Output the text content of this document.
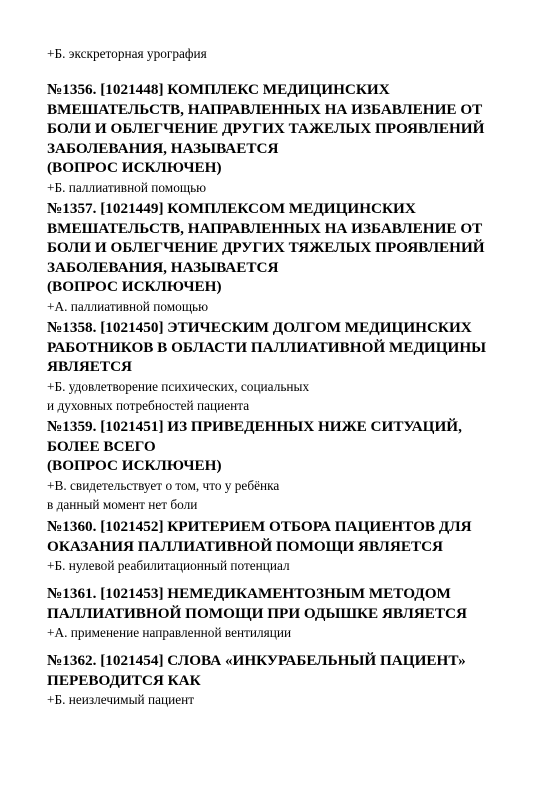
+Б. экскреторная урография

№1356. [1021448] КОМПЛЕКС МЕДИЦИНСКИХ
ВМЕШАТЕЛЬСТВ, НАПРАВЛЕННЫХ НА ИЗБАВЛЕНИЕ ОТ
БОЛИ И ОБЛЕГЧЕНИЕ ДРУГИХ ТАЖЕЛЫХ ПРОЯВЛЕНИЙ
ЗАБОЛЕВАНИЯ, НАЗЫВАЕТСЯ
(ВОПРОС ИСКЛЮЧЕН)
+Б. паллиативной помощью
№1357. [1021449] КОМПЛЕКСОМ МЕДИЦИНСКИХ
ВМЕШАТЕЛЬСТВ, НАПРАВЛЕННЫХ НА ИЗБАВЛЕНИЕ ОТ
БОЛИ И ОБЛЕГЧЕНИЕ ДРУГИХ ТЯЖЕЛЫХ ПРОЯВЛЕНИЙ
ЗАБОЛЕВАНИЯ, НАЗЫВАЕТСЯ
(ВОПРОС ИСКЛЮЧЕН)
+А. паллиативной помощью
№1358. [1021450] ЭТИЧЕСКИМ ДОЛГОМ МЕДИЦИНСКИХ
РАБОТНИКОВ В ОБЛАСТИ ПАЛЛИАТИВНОЙ МЕДИЦИНЫ
ЯВЛЯЕТСЯ
+Б. удовлетворение психических, социальных
и духовных потребностей пациента
№1359. [1021451] ИЗ ПРИВЕДЕННЫХ НИЖЕ СИТУАЦИЙ,
БОЛЕЕ ВСЕГО
(ВОПРОС ИСКЛЮЧЕН)
+В. свидетельствует о том, что у ребёнка
в данный момент нет боли
№1360. [1021452] КРИТЕРИЕМ ОТБОРА ПАЦИЕНТОВ ДЛЯ
ОКАЗАНИЯ ПАЛЛИАТИВНОЙ ПОМОЩИ ЯВЛЯЕТСЯ
+Б. нулевой реабилитационный потенциал
№1361. [1021453] НЕМЕДИКАМЕНТОЗНЫМ МЕТОДОМ
ПАЛЛИАТИВНОЙ ПОМОЩИ ПРИ ОДЫШКЕ ЯВЛЯЕТСЯ
+А. применение направленной вентиляции
№1362. [1021454] СЛОВА «ИНКУРАБЕЛЬНЫЙ ПАЦИЕНТ»
ПЕРЕВОДИТСЯ КАК
+Б. неизлечимый пациент
